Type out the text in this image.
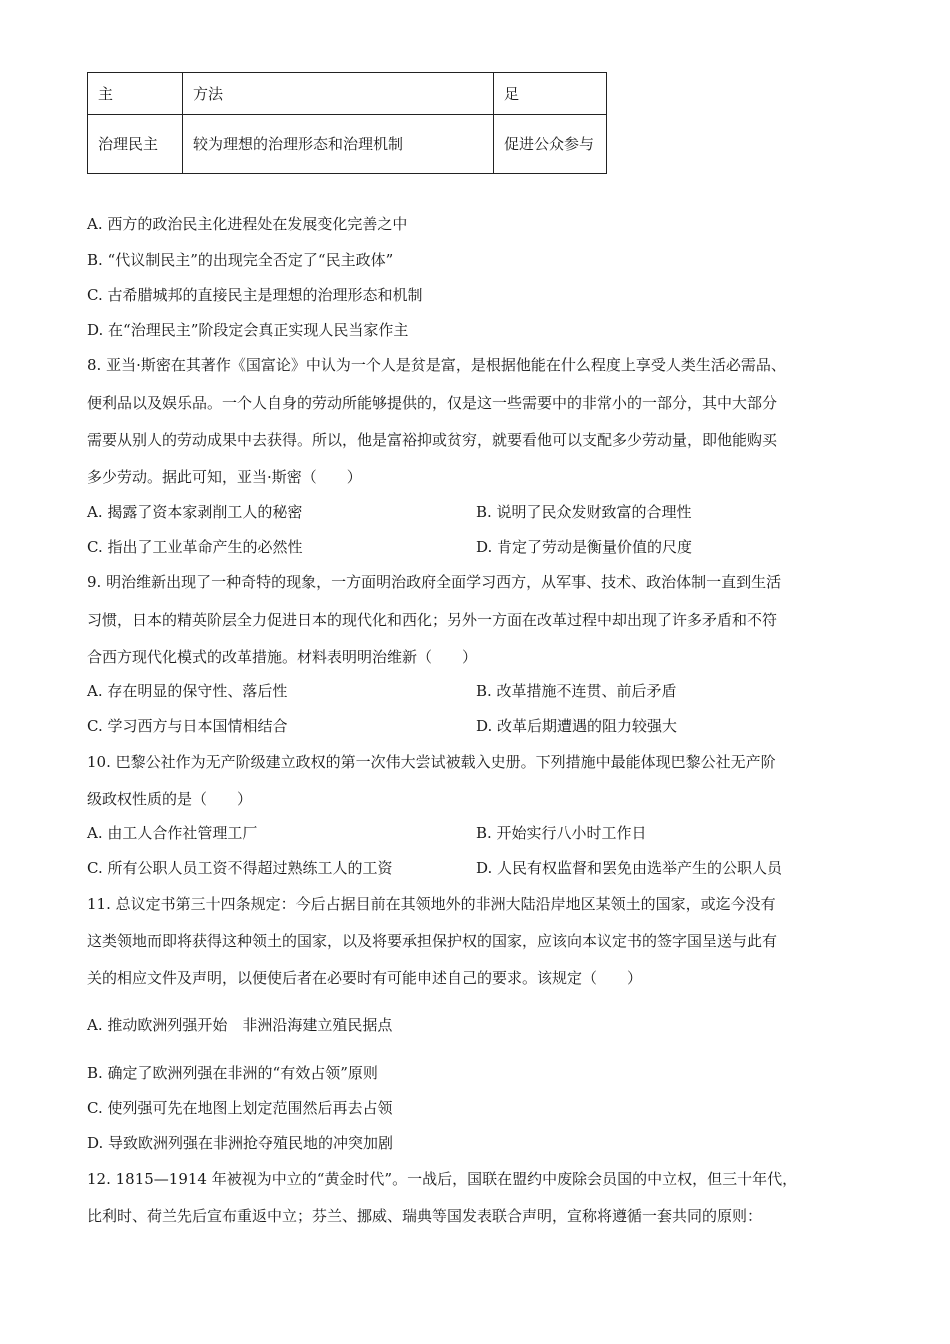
主	方法	足
治理民主	较为理想的治理形态和治理机制	促进公众参与
A. 西方的政治民主化进程处在发展变化完善之中
B. “代议制民主”的出现完全否定了“民主政体”
C. 古希腊城邦的直接民主是理想的治理形态和机制
D. 在“治理民主”阶段定会真正实现人民当家作主
8. 亚当·斯密在其著作《国富论》中认为一个人是贫是富，是根据他能在什么程度上享受人类生活必需品、
便利品以及娱乐品。一个人自身的劳动所能够提供的，仅是这一些需要中的非常小的一部分，其中大部分
需要从别人的劳动成果中去获得。所以，他是富裕抑或贫穷，就要看他可以支配多少劳动量，即他能购买
多少劳动。据此可知，亚当·斯密（　　）
A. 揭露了资本家剥削工人的秘密	B. 说明了民众发财致富的合理性
C. 指出了工业革命产生的必然性	D. 肯定了劳动是衡量价值的尺度
9. 明治维新出现了一种奇特的现象，一方面明治政府全面学习西方，从军事、技术、政治体制一直到生活
习惯，日本的精英阶层全力促进日本的现代化和西化；另外一方面在改革过程中却出现了许多矛盾和不符
合西方现代化模式的改革措施。材料表明明治维新（　　）
A. 存在明显的保守性、落后性	B. 改革措施不连贯、前后矛盾
C. 学习西方与日本国情相结合	D. 改革后期遭遇的阻力较强大
10. 巴黎公社作为无产阶级建立政权的第一次伟大尝试被载入史册。下列措施中最能体现巴黎公社无产阶
级政权性质的是（　　）
A. 由工人合作社管理工厂	B. 开始实行八小时工作日
C. 所有公职人员工资不得超过熟练工人的工资	D. 人民有权监督和罢免由选举产生的公职人员
11. 总议定书第三十四条规定：今后占据目前在其领地外的非洲大陆沿岸地区某领土的国家，或迄今没有
这类领地而即将获得这种领土的国家，以及将要承担保护权的国家，应该向本议定书的签字国呈送与此有
关的相应文件及声明，以便使后者在必要时有可能申述自己的要求。该规定（　　）
A. 推动欧洲列强开始　非洲沿海建立殖民据点
B. 确定了欧洲列强在非洲的“有效占领”原则
C. 使列强可先在地图上划定范围然后再去占领
D. 导致欧洲列强在非洲抢夺殖民地的冲突加剧
12. 1815—1914 年被视为中立的“黄金时代”。一战后，国联在盟约中废除会员国的中立权，但三十年代，
比利时、荷兰先后宣布重返中立；芬兰、挪威、瑞典等国发表联合声明，宣称将遵循一套共同的原则：
